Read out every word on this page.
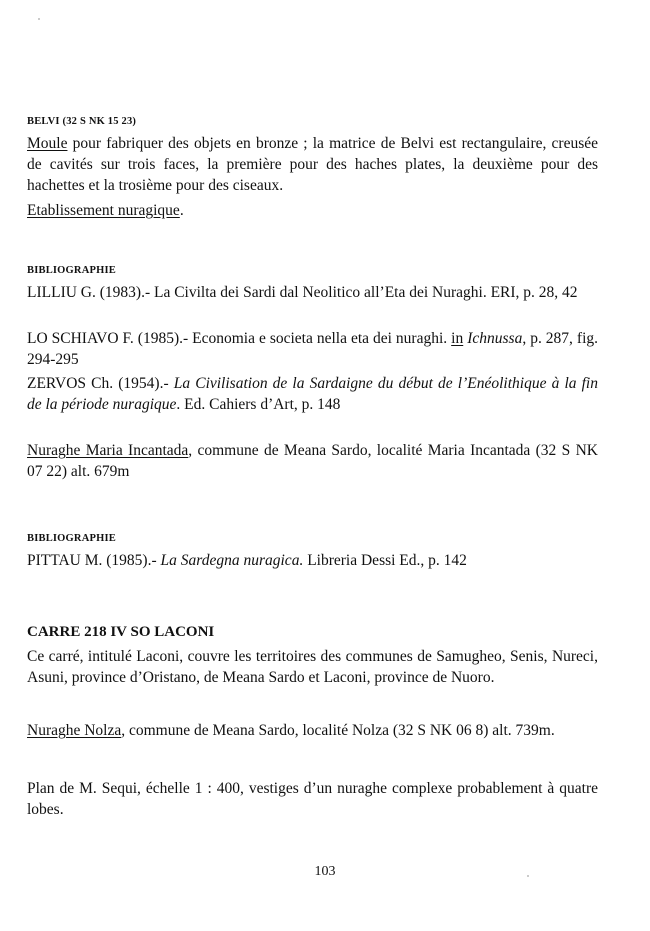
BELVI (32 S NK 15 23)
Moule pour fabriquer des objets en bronze ; la matrice de Belvi est rectangulaire, creusée de cavités sur trois faces, la première pour des haches plates, la deuxième pour des hachettes et la trosième pour des ciseaux.
Etablissement nuragique.
BIBLIOGRAPHIE
LILLIU G. (1983).- La Civilta dei Sardi dal Neolitico all’Eta dei Nuraghi. ERI, p. 28, 42
LO SCHIAVO F. (1985).- Economia e societa nella eta dei nuraghi. in Ichnussa, p. 287, fig. 294-295
ZERVOS Ch. (1954).- La Civilisation de la Sardaigne du début de l’Enéolithique à la fin de la période nuragique. Ed. Cahiers d’Art, p. 148
Nuraghe Maria Incantada, commune de Meana Sardo, localité Maria Incantada (32 S NK 07 22) alt. 679m
BIBLIOGRAPHIE
PITTAU M. (1985).- La Sardegna nuragica. Libreria Dessi Ed., p. 142
CARRE 218 IV SO LACONI
Ce carré, intitulé Laconi, couvre les territoires des communes de Samugheo, Senis, Nureci, Asuni, province d’Oristano, de Meana Sardo et Laconi, province de Nuoro.
Nuraghe Nolza, commune de Meana Sardo, localité Nolza (32 S NK 06 8) alt. 739m.
Plan de M. Sequi, échelle 1 : 400, vestiges d’un nuraghe complexe probablement à quatre lobes.
103
